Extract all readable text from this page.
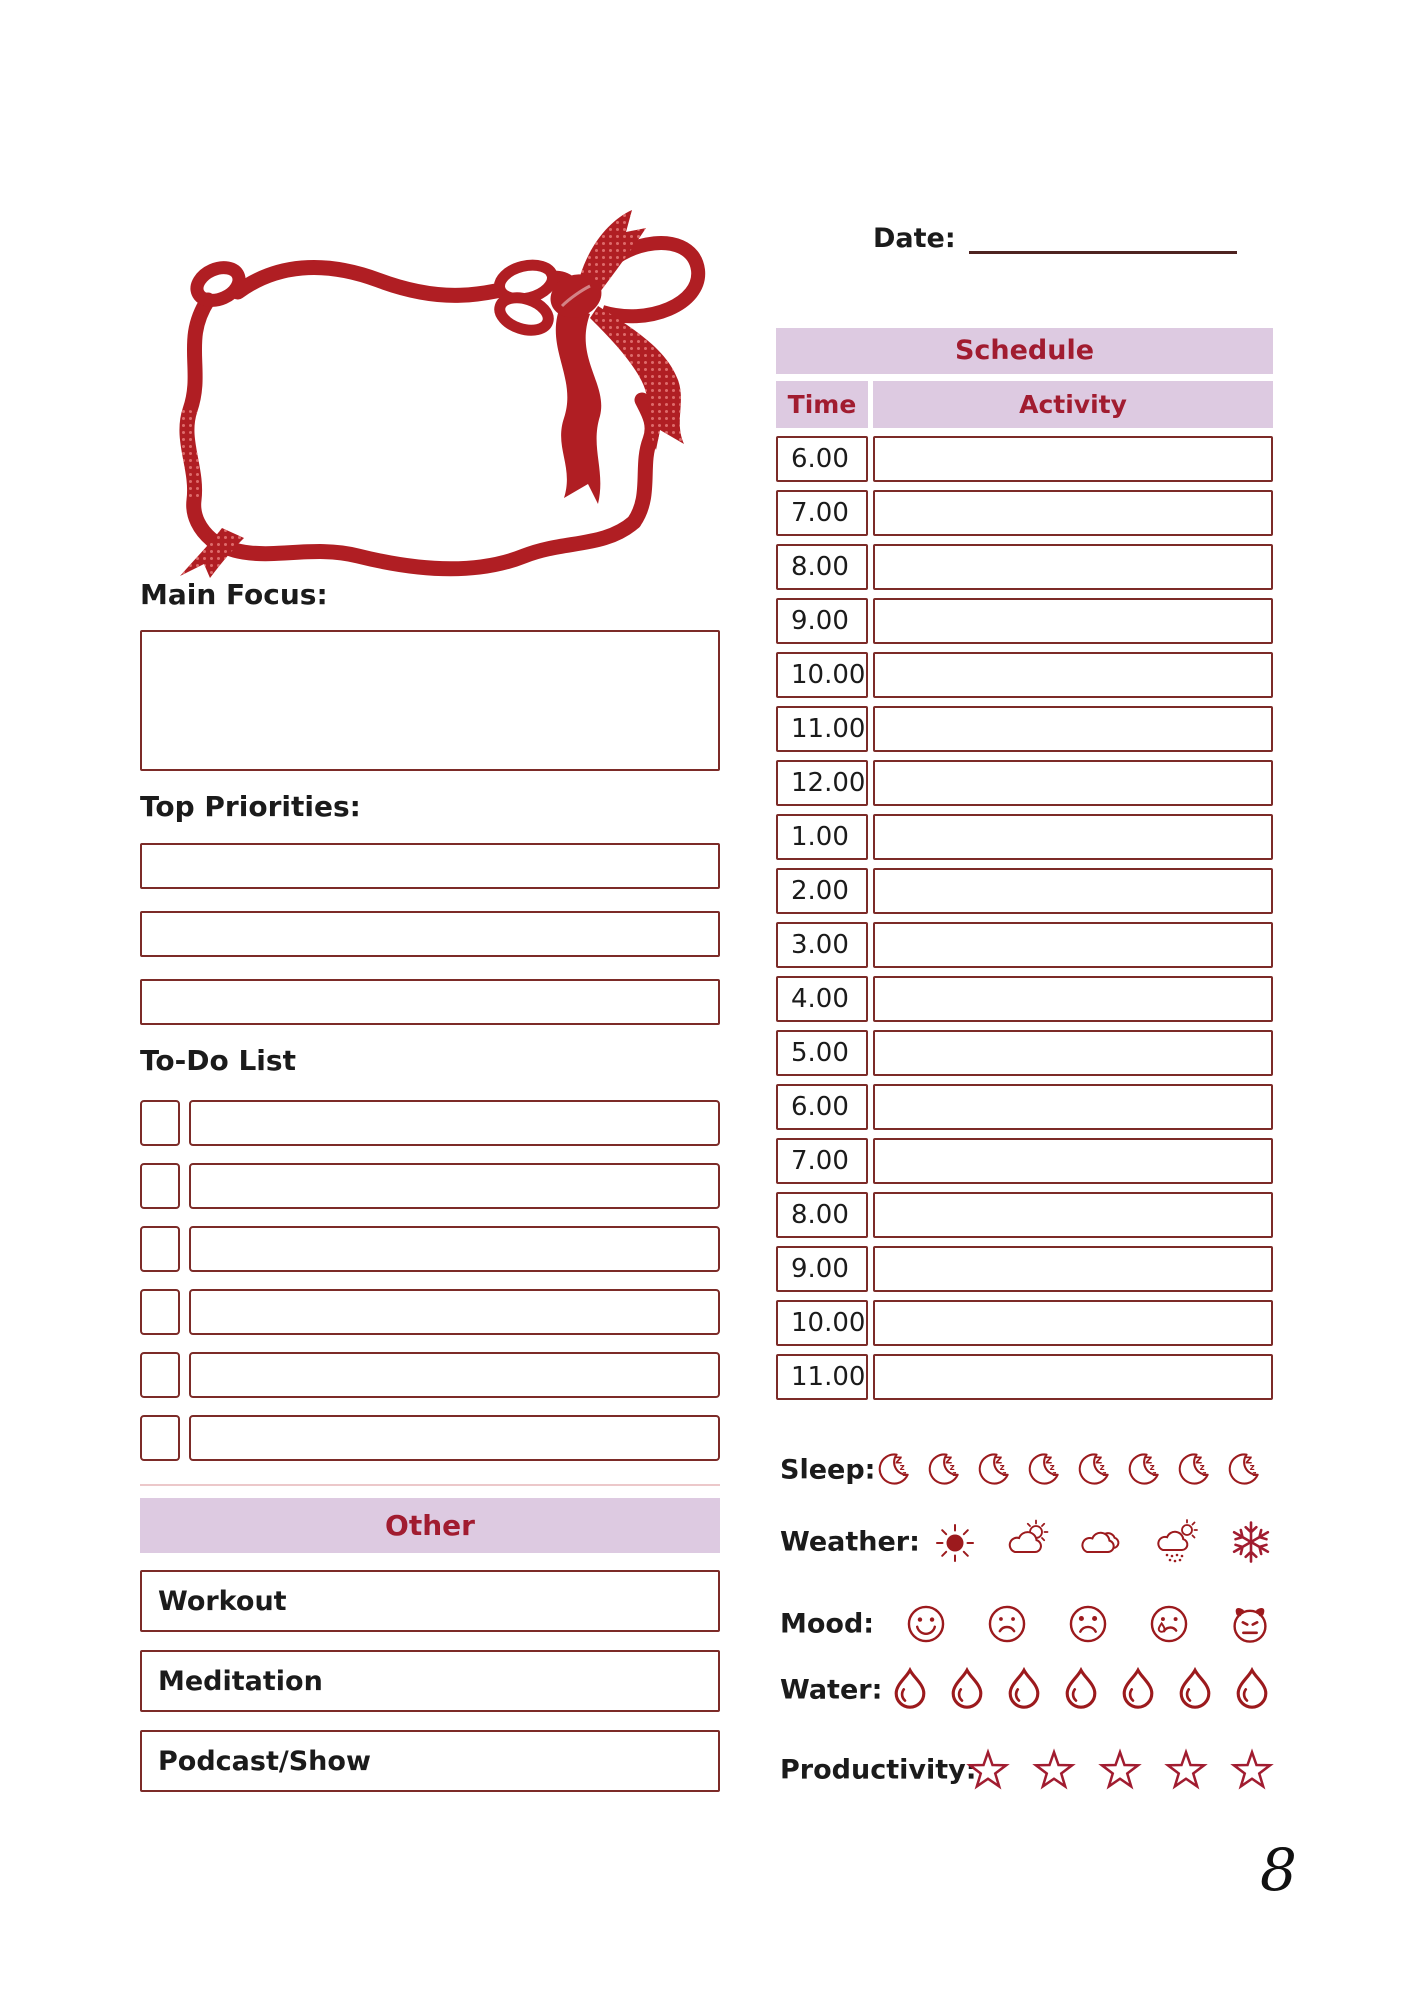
Date:
Schedule
Time	Activity
6.00
7.00
8.00
9.00
10.00
11.00
12.00
1.00
2.00
3.00
4.00
5.00
6.00
7.00
8.00
9.00
10.00
11.00
Main Focus:
Top Priorities:
To-Do List
Other
Workout
Meditation
Podcast/Show
Sleep: z
z
z
z
z
z
z
z
z
z
z
z
z
z
z
z
z
z
z
z
z
z
z
z
Weather:
Mood:
Water:
Productivity:
8
